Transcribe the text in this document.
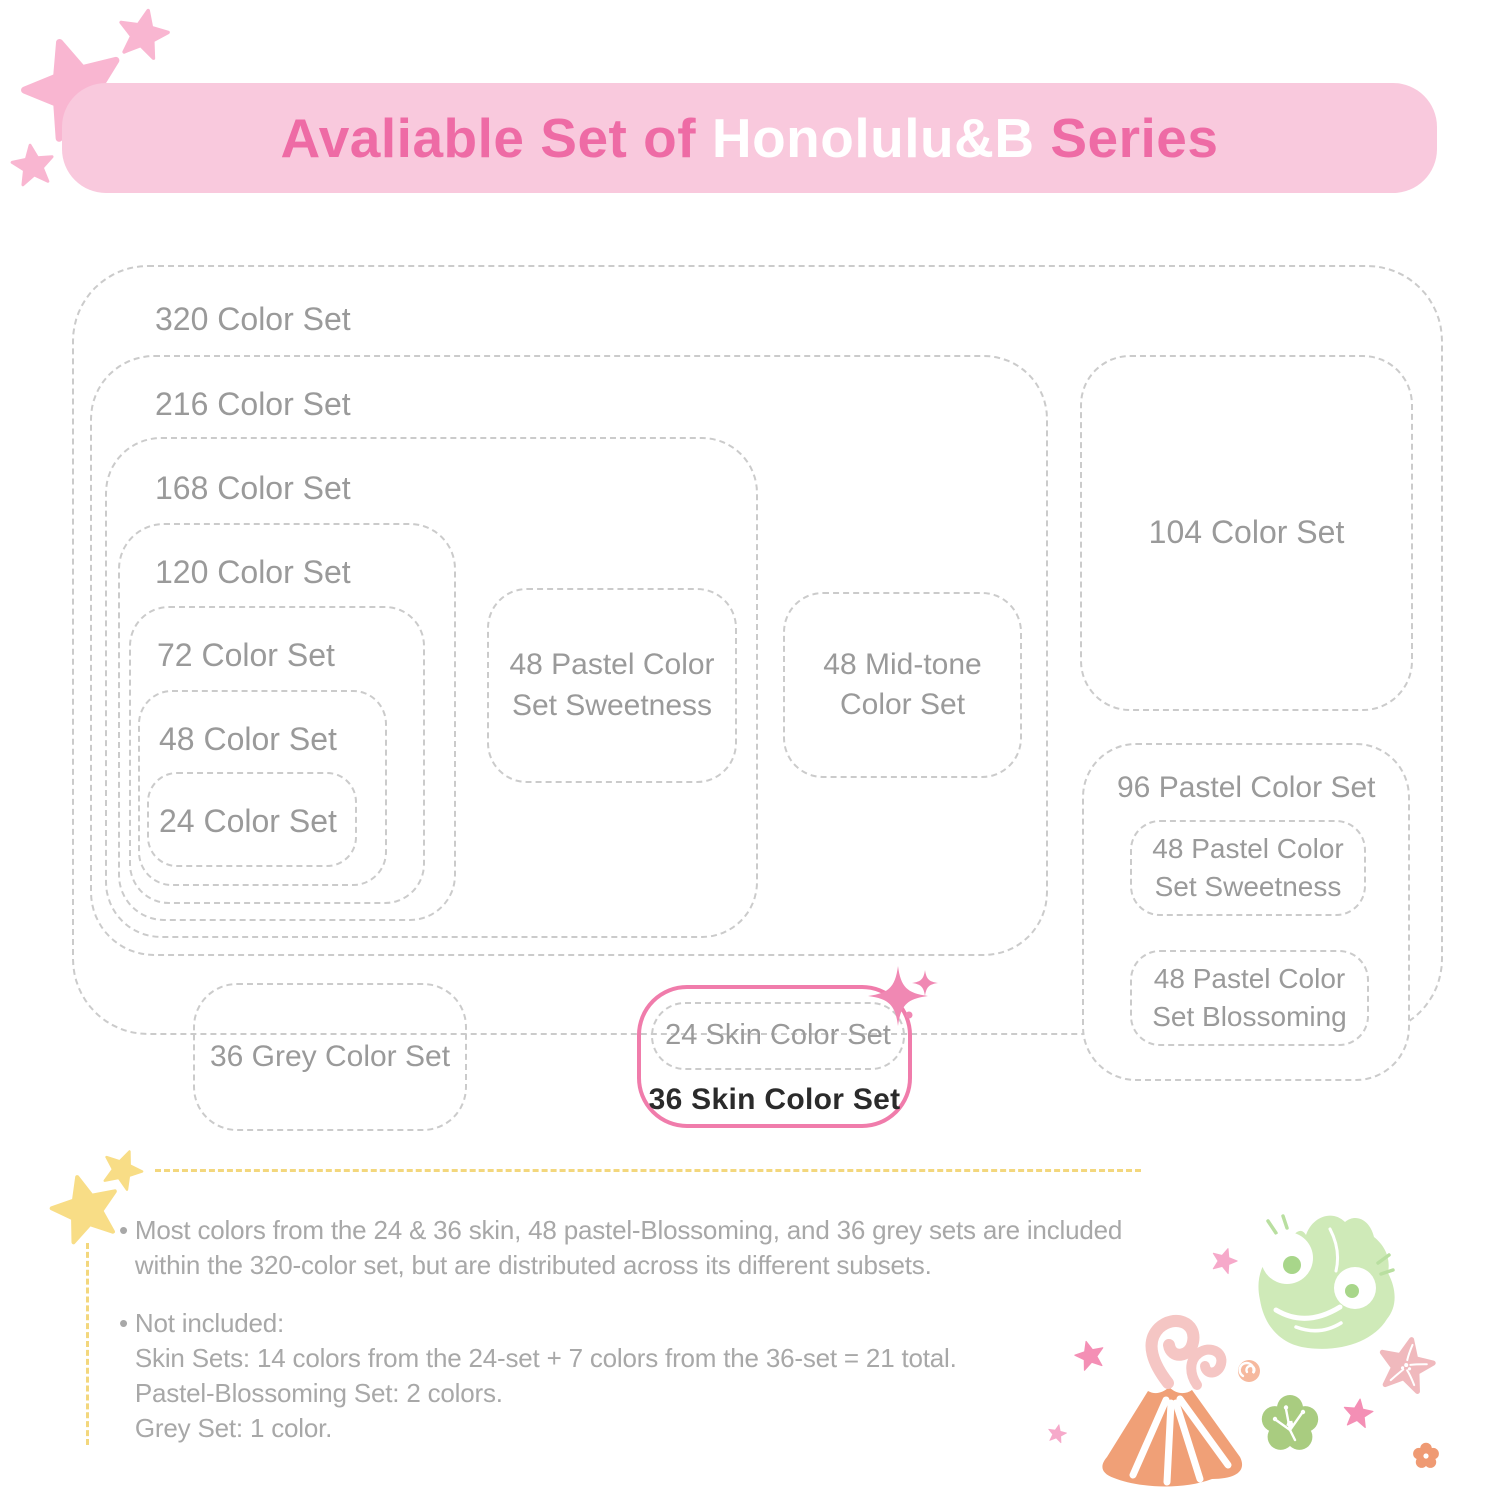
Avaliable Set of Honolulu&B Series
320 Color Set
216 Color Set
168 Color Set
120 Color Set
72 Color Set
48 Color Set
24 Color Set
48 Pastel Color
Set Sweetness
48 Mid-tone
Color Set
104 Color Set
96 Pastel Color Set
48 Pastel Color
Set Sweetness
48 Pastel Color
Set Blossoming
36 Grey Color Set
24 Skin Color Set
36 Skin Color Set
• Most colors from the 24 & 36 skin, 48 pastel-Blossoming, and 36 grey sets are included
within the 320-color set, but are distributed across its different subsets.
• Not included:
Skin Sets: 14 colors from the 24-set + 7 colors from the 36-set = 21 total.
Pastel-Blossoming Set: 2 colors.
Grey Set: 1 color.
